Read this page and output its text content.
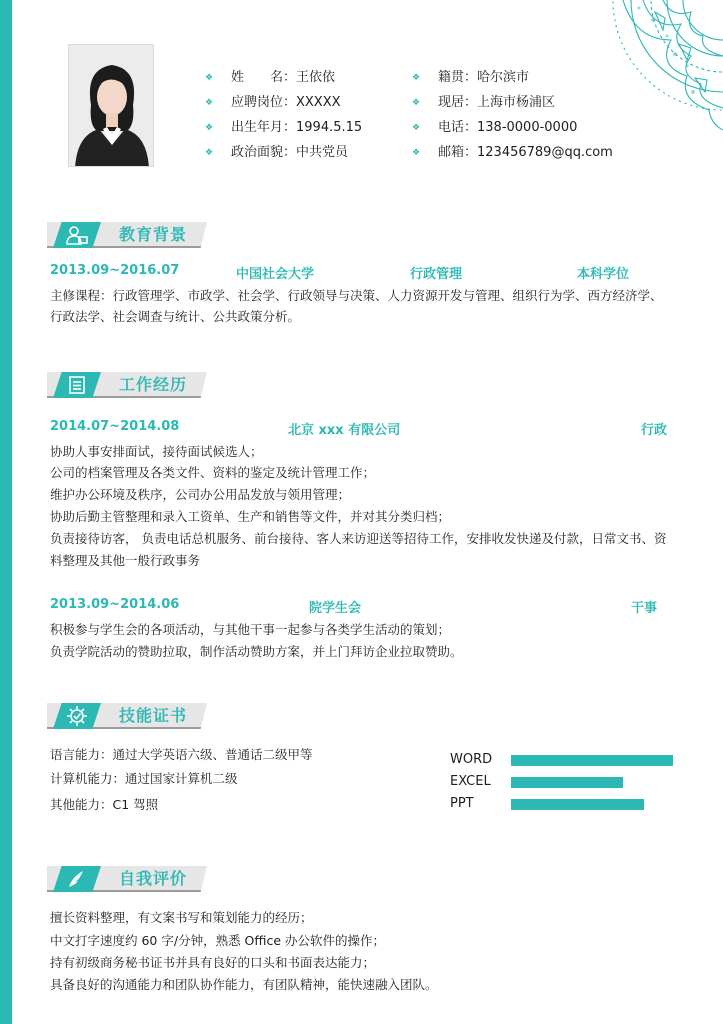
❖ 姓　　名： 王依依
❖ 应聘岗位： XXXXX
❖ 出生年月： 1994.5.15
❖ 政治面貌： 中共党员
❖ 籍贯： 哈尔滨市
❖ 现居： 上海市杨浦区
❖ 电话： 138-0000-0000
❖ 邮箱： 123456789@qq.com
教育背景
2013.09~2016.07	中国社会大学	行政管理	本科学位
主修课程：行政管理学、市政学、社会学、行政领导与决策、人力资源开发与管理、组织行为学、西方经济学、
行政法学、社会调查与统计、公共政策分析。
工作经历
2014.07~2014.08	北京 xxx 有限公司	行政
协助人事安排面试，接待面试候选人；
公司的档案管理及各类文件、资料的鉴定及统计管理工作；
维护办公环境及秩序，公司办公用品发放与领用管理；
协助后勤主管整理和录入工资单、生产和销售等文件，并对其分类归档；
负责接待访客， 负责电话总机服务、前台接待、客人来访迎送等招待工作，安排收发快递及付款，日常文书、资
料整理及其他一般行政事务
2013.09~2014.06	院学生会	干事
积极参与学生会的各项活动，与其他干事一起参与各类学生活动的策划；
负责学院活动的赞助拉取，制作活动赞助方案，并上门拜访企业拉取赞助。
技能证书
语言能力：通过大学英语六级、普通话二级甲等
计算机能力：通过国家计算机二级
其他能力：C1 驾照
WORD
EXCEL
PPT
自我评价
擅长资料整理，有文案书写和策划能力的经历；
中文打字速度约 60 字/分钟，熟悉 Office 办公软件的操作；
持有初级商务秘书证书并具有良好的口头和书面表达能力；
具备良好的沟通能力和团队协作能力，有团队精神，能快速融入团队。
